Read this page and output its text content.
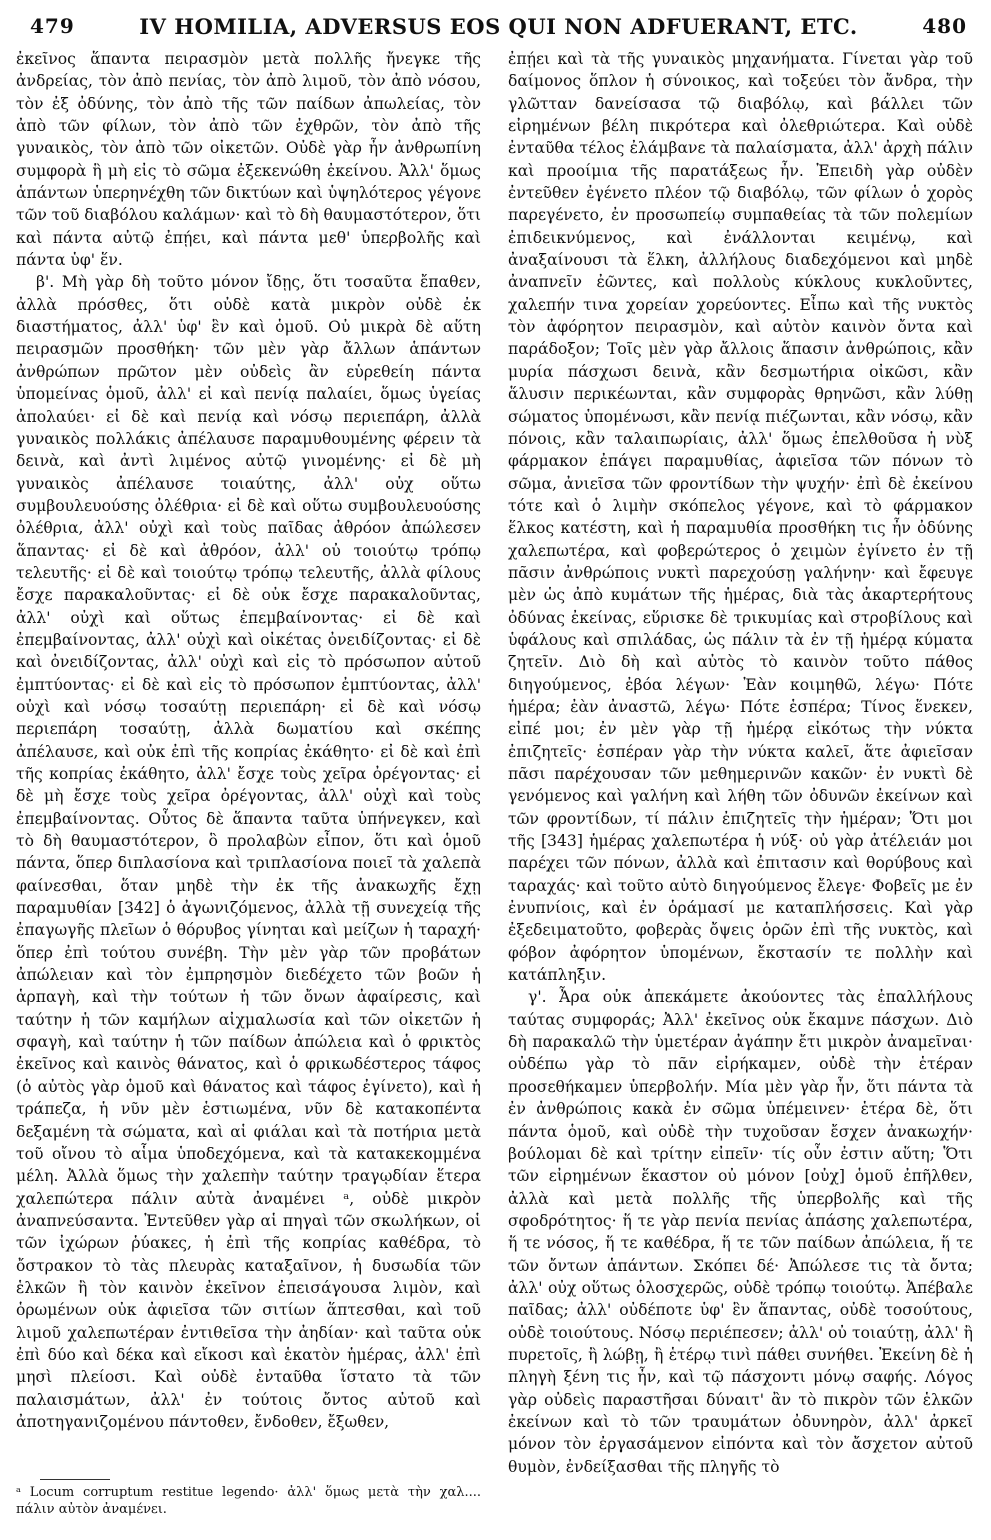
479	IV HOMILIA, ADVERSUS EOS QUI NON ADFUERANT, ETC.	480

ἐκεῖνος ἅπαντα πειρασμὸν μετὰ πολλῆς ἤνεγκε τῆς ἀνδρείας, τὸν ἀπὸ πενίας, τὸν ἀπὸ λιμοῦ, τὸν ἀπὸ νόσου, τὸν ἐξ ὀδύνης, τὸν ἀπὸ τῆς τῶν παίδων ἀπωλείας, τὸν ἀπὸ τῶν φίλων, τὸν ἀπὸ τῶν ἐχθρῶν, τὸν ἀπὸ τῆς γυναικὸς, τὸν ἀπὸ τῶν οἰκετῶν. Οὐδὲ γὰρ ἦν ἀνθρωπίνη συμφορὰ ἣ μὴ εἰς τὸ σῶμα ἐξεκενώθη ἐκείνου. Ἀλλ' ὅμως ἁπάντων ὑπερηνέχθη τῶν δικτύων καὶ ὑψηλότερος γέγονε τῶν τοῦ διαβόλου καλάμων· καὶ τὸ δὴ θαυμαστότερον, ὅτι καὶ πάντα αὐτῷ ἐπῄει, καὶ πάντα μεθ' ὑπερβολῆς καὶ πάντα ὑφ' ἕν.

β'. Μὴ γὰρ δὴ τοῦτο μόνον ἴδῃς, ὅτι τοσαῦτα ἔπαθεν, ἀλλὰ πρόσθες, ὅτι οὐδὲ κατὰ μικρὸν οὐδὲ ἐκ διαστήματος, ἀλλ' ὑφ' ἓν καὶ ὁμοῦ. Οὐ μικρὰ δὲ αὕτη πειρασμῶν προσθήκη· τῶν μὲν γὰρ ἄλλων ἁπάντων ἀνθρώπων πρῶτον μὲν οὐδεὶς ἂν εὑρεθείη πάντα ὑπομείνας ὁμοῦ, ἀλλ' εἰ καὶ πενίᾳ παλαίει, ὅμως ὑγείας ἀπολαύει· εἰ δὲ καὶ πενίᾳ καὶ νόσῳ περιεπάρη, ἀλλὰ γυναικὸς πολλάκις ἀπέλαυσε παραμυθουμένης φέρειν τὰ δεινὰ, καὶ ἀντὶ λιμένος αὐτῷ γινομένης· εἰ δὲ μὴ γυναικὸς ἀπέλαυσε τοιαύτης, ἀλλ' οὐχ οὕτω συμβουλευούσης ὀλέθρια· εἰ δὲ καὶ οὕτω συμβουλευούσης ὀλέθρια, ἀλλ' οὐχὶ καὶ τοὺς παῖδας ἀθρόον ἀπώλεσεν ἅπαντας· εἰ δὲ καὶ ἀθρόον, ἀλλ' οὐ τοιούτῳ τρόπῳ τελευτῆς· εἰ δὲ καὶ τοιούτῳ τρόπῳ τελευτῆς, ἀλλὰ φίλους ἔσχε παρακαλοῦντας· εἰ δὲ οὐκ ἔσχε παρακαλοῦντας, ἀλλ' οὐχὶ καὶ οὕτως ἐπεμβαίνοντας· εἰ δὲ καὶ ἐπεμβαίνοντας, ἀλλ' οὐχὶ καὶ οἰκέτας ὀνειδίζοντας· εἰ δὲ καὶ ὀνειδίζοντας, ἀλλ' οὐχὶ καὶ εἰς τὸ πρόσωπον αὐτοῦ ἐμπτύοντας· εἰ δὲ καὶ εἰς τὸ πρόσωπον ἐμπτύοντας, ἀλλ' οὐχὶ καὶ νόσῳ τοσαύτῃ περιεπάρη· εἰ δὲ καὶ νόσῳ περιεπάρη τοσαύτῃ, ἀλλὰ δωματίου καὶ σκέπης ἀπέλαυσε, καὶ οὐκ ἐπὶ τῆς κοπρίας ἐκάθητο· εἰ δὲ καὶ ἐπὶ τῆς κοπρίας ἐκάθητο, ἀλλ' ἔσχε τοὺς χεῖρα ὀρέγοντας· εἰ δὲ μὴ ἔσχε τοὺς χεῖρα ὀρέγοντας, ἀλλ' οὐχὶ καὶ τοὺς ἐπεμβαίνοντας. Οὗτος δὲ ἅπαντα ταῦτα ὑπήνεγκεν, καὶ τὸ δὴ θαυμαστότερον, ὃ προλαβὼν εἶπον, ὅτι καὶ ὁμοῦ πάντα, ὅπερ διπλασίονα καὶ τριπλασίονα ποιεῖ τὰ χαλεπὰ φαίνεσθαι, ὅταν μηδὲ τὴν ἐκ τῆς ἀνακωχῆς ἔχῃ παραμυθίαν [342] ὁ ἀγωνιζόμενος, ἀλλὰ τῇ συνεχείᾳ τῆς ἐπαγωγῆς πλεῖων ὁ θόρυβος γίνηται καὶ μείζων ἡ ταραχή· ὅπερ ἐπὶ τούτου συνέβη. Τὴν μὲν γὰρ τῶν προβάτων ἀπώλειαν καὶ τὸν ἐμπρησμὸν διεδέχετο τῶν βοῶν ἡ ἁρπαγὴ, καὶ τὴν τούτων ἡ τῶν ὄνων ἀφαίρεσις, καὶ ταύτην ἡ τῶν καμήλων αἰχμαλωσία καὶ τῶν οἰκετῶν ἡ σφαγὴ, καὶ ταύτην ἡ τῶν παίδων ἀπώλεια καὶ ὁ φρικτὸς ἐκεῖνος καὶ καινὸς θάνατος, καὶ ὁ φρικωδέστερος τάφος (ὁ αὐτὸς γὰρ ὁμοῦ καὶ θάνατος καὶ τάφος ἐγίνετο), καὶ ἡ τράπεζα, ἡ νῦν μὲν ἑστιωμένα, νῦν δὲ κατακοπέντα δεξαμένη τὰ σώματα, καὶ αἱ φιάλαι καὶ τὰ ποτήρια μετὰ τοῦ οἴνου τὸ αἷμα ὑποδεχόμενα, καὶ τὰ κατακεκομμένα μέλη. Ἀλλὰ ὅμως τὴν χαλεπὴν ταύτην τραγῳδίαν ἕτερα χαλεπώτερα πάλιν αὐτὰ ἀναμένει ᵃ, οὐδὲ μικρὸν ἀναπνεύσαντα. Ἐντεῦθεν γὰρ αἱ πηγαὶ τῶν σκωλήκων, οἱ τῶν ἰχώρων ῥύακες, ἡ ἐπὶ τῆς κοπρίας καθέδρα, τὸ ὄστρακον τὸ τὰς πλευρὰς καταξαῖνον, ἡ δυσωδία τῶν ἑλκῶν ἢ τὸν καινὸν ἐκεῖνον ἐπεισάγουσα λιμὸν, καὶ ὁρωμένων οὐκ ἀφιεῖσα τῶν σιτίων ἅπτεσθαι, καὶ τοῦ λιμοῦ χαλεπωτέραν ἐντιθεῖσα τὴν ἀηδίαν· καὶ ταῦτα οὐκ ἐπὶ δύο καὶ δέκα καὶ εἴκοσι καὶ ἑκατὸν ἡμέρας, ἀλλ' ἐπὶ μησὶ πλείοσι. Καὶ οὐδὲ ἐνταῦθα ἵστατο τὰ τῶν παλαισμάτων, ἀλλ' ἐν τούτοις ὄντος αὐτοῦ καὶ ἀποτηγανιζομένου πάντοθεν, ἔνδοθεν, ἔξωθεν,

ἐπῄει καὶ τὰ τῆς γυναικὸς μηχανήματα. Γίνεται γὰρ τοῦ δαίμονος ὅπλον ἡ σύνοικος, καὶ τοξεύει τὸν ἄνδρα, τὴν γλῶτταν δανείσασα τῷ διαβόλῳ, καὶ βάλλει τῶν εἰρημένων βέλη πικρότερα καὶ ὀλεθριώτερα. Καὶ οὐδὲ ἐνταῦθα τέλος ἐλάμβανε τὰ παλαίσματα, ἀλλ' ἀρχὴ πάλιν καὶ προοίμια τῆς παρατάξεως ἦν. Ἐπειδὴ γὰρ οὐδὲν ἐντεῦθεν ἐγένετο πλέον τῷ διαβόλῳ, τῶν φίλων ὁ χορὸς παρεγένετο, ἐν προσωπείῳ συμπαθείας τὰ τῶν πολεμίων ἐπιδεικνύμενος, καὶ ἐνάλλονται κειμένῳ, καὶ ἀναξαίνουσι τὰ ἕλκη, ἀλλήλους διαδεχόμενοι καὶ μηδὲ ἀναπνεῖν ἐῶντες, καὶ πολλοὺς κύκλους κυκλοῦντες, χαλεπήν τινα χορείαν χορεύοντες. Εἶπω καὶ τῆς νυκτὸς τὸν ἀφόρητον πειρασμὸν, καὶ αὐτὸν καινὸν ὄντα καὶ παράδοξον; Τοῖς μὲν γὰρ ἄλλοις ἅπασιν ἀνθρώποις, κἂν μυρία πάσχωσι δεινὰ, κἂν δεσμωτήρια οἰκῶσι, κἂν ἅλυσιν περικέωνται, κἂν συμφορὰς θρηνῶσι, κἂν λύθῃ σώματος ὑπομένωσι, κἂν πενίᾳ πιέζωνται, κἂν νόσῳ, κἂν πόνοις, κἂν ταλαιπωρίαις, ἀλλ' ὅμως ἐπελθοῦσα ἡ νὺξ φάρμακον ἐπάγει παραμυθίας, ἀφιεῖσα τῶν πόνων τὸ σῶμα, ἀνιεῖσα τῶν φροντίδων τὴν ψυχήν· ἐπὶ δὲ ἐκείνου τότε καὶ ὁ λιμὴν σκόπελος γέγονε, καὶ τὸ φάρμακον ἕλκος κατέστη, καὶ ἡ παραμυθία προσθήκη τις ἦν ὀδύνης χαλεπωτέρα, καὶ φοβερώτερος ὁ χειμὼν ἐγίνετο ἐν τῇ πᾶσιν ἀνθρώποις νυκτὶ παρεχούσῃ γαλήνην· καὶ ἔφευγε μὲν ὡς ἀπὸ κυμάτων τῆς ἡμέρας, διὰ τὰς ἀκαρτερήτους ὀδύνας ἐκείνας, εὕρισκε δὲ τρικυμίας καὶ στροβίλους καὶ ὑφάλους καὶ σπιλάδας, ὡς πάλιν τὰ ἐν τῇ ἡμέρᾳ κύματα ζητεῖν. Διὸ δὴ καὶ αὐτὸς τὸ καινὸν τοῦτο πάθος διηγούμενος, ἐβόα λέγων· Ἐὰν κοιμηθῶ, λέγω· Πότε ἡμέρα; ἐὰν ἀναστῶ, λέγω· Πότε ἑσπέρα; Τίνος ἕνεκεν, εἰπέ μοι; ἐν μὲν γὰρ τῇ ἡμέρᾳ εἰκότως τὴν νύκτα ἐπιζητεῖς· ἑσπέραν γὰρ τὴν νύκτα καλεῖ, ἅτε ἀφιεῖσαν πᾶσι παρέχουσαν τῶν μεθημερινῶν κακῶν· ἐν νυκτὶ δὲ γενόμενος καὶ γαλήνη καὶ λήθη τῶν ὀδυνῶν ἐκείνων καὶ τῶν φροντίδων, τί πάλιν ἐπιζητεῖς τὴν ἡμέραν; Ὅτι μοι τῆς [343] ἡμέρας χαλεπωτέρα ἡ νύξ· οὐ γὰρ ἀτέλειάν μοι παρέχει τῶν πόνων, ἀλλὰ καὶ ἐπιτασιν καὶ θορύβους καὶ ταραχάς· καὶ τοῦτο αὐτὸ διηγούμενος ἔλεγε· Φοβεῖς με ἐν ἐνυπνίοις, καὶ ἐν ὁράμασί με καταπλήσσεις. Καὶ γὰρ ἐξεδειματοῦτο, φοβερὰς ὄψεις ὁρῶν ἐπὶ τῆς νυκτὸς, καὶ φόβον ἀφόρητον ὑπομένων, ἔκστασίν τε πολλὴν καὶ κατάπληξιν.

γ'. Ἆρα οὐκ ἀπεκάμετε ἀκούοντες τὰς ἐπαλλήλους ταύτας συμφοράς; Ἀλλ' ἐκεῖνος οὐκ ἔκαμνε πάσχων. Διὸ δὴ παρακαλῶ τὴν ὑμετέραν ἀγάπην ἔτι μικρὸν ἀναμεῖναι· οὐδέπω γὰρ τὸ πᾶν εἰρήκαμεν, οὐδὲ τὴν ἑτέραν προσεθήκαμεν ὑπερβολήν. Μία μὲν γὰρ ἦν, ὅτι πάντα τὰ ἐν ἀνθρώποις κακὰ ἐν σῶμα ὑπέμεινεν· ἑτέρα δὲ, ὅτι πάντα ὁμοῦ, καὶ οὐδὲ τὴν τυχοῦσαν ἔσχεν ἀνακωχήν· βούλομαι δὲ καὶ τρίτην εἰπεῖν· τίς οὖν ἐστιν αὕτη; Ὅτι τῶν εἰρημένων ἕκαστον οὐ μόνον [οὐχ] ὁμοῦ ἐπῆλθεν, ἀλλὰ καὶ μετὰ πολλῆς τῆς ὑπερβολῆς καὶ τῆς σφοδρότητος· ἥ τε γὰρ πενία πενίας ἁπάσης χαλεπωτέρα, ἥ τε νόσος, ἥ τε καθέδρα, ἥ τε τῶν παίδων ἀπώλεια, ἥ τε τῶν ὄντων ἁπάντων. Σκόπει δέ· Ἀπώλεσε τις τὰ ὄντα; ἀλλ' οὐχ οὕτως ὁλοσχερῶς, οὐδὲ τρόπῳ τοιούτῳ. Ἀπέβαλε παῖδας; ἀλλ' οὐδέποτε ὑφ' ἓν ἅπαντας, οὐδὲ τοσούτους, οὐδὲ τοιούτους. Νόσῳ περιέπεσεν; ἀλλ' οὐ τοιαύτῃ, ἀλλ' ἢ πυρετοῖς, ἢ λώβῃ, ἢ ἑτέρῳ τινὶ πάθει συνήθει. Ἐκείνη δὲ ἡ πληγὴ ξένη τις ἦν, καὶ τῷ πάσχοντι μόνῳ σαφής. Λόγος γὰρ οὐδεὶς παραστῆσαι δύναιτ' ἂν τὸ πικρὸν τῶν ἑλκῶν ἐκείνων καὶ τὸ τῶν τραυμάτων ὀδυνηρὸν, ἀλλ' ἀρκεῖ μόνον τὸν ἐργασάμενον εἰπόντα καὶ τὸν ἄσχετον αὐτοῦ θυμὸν, ἐνδείξασθαι τῆς πληγῆς τὸ

ᵃ Locum corruptum restitue legendo· ἀλλ' ὅμως μετὰ τὴν χαλ.... πάλιν αὐτὸν ἀναμένει.
